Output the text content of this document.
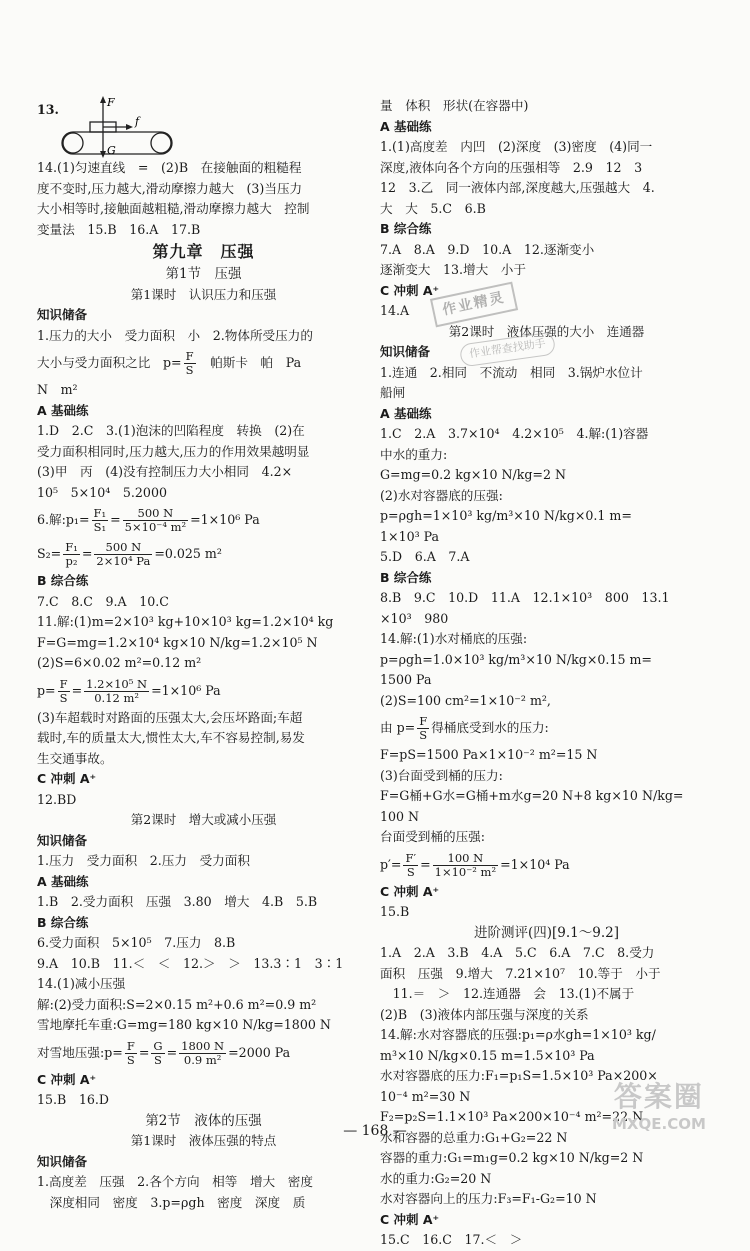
13.	F
f
G
14.(1)匀速直线　=　(2)B　在接触面的粗糙程
度不变时,压力越大,滑动摩擦力越大　(3)当压力
大小相等时,接触面越粗糙,滑动摩擦力越大　控制
变量法　15.B　16.A　17.B
第九章　压强
第1节　压强
第1课时　认识压力和压强
知识储备
1.压力的大小　受力面积　小　2.物体所受压力的
大小与受力面积之比　 $p= \frac{F}{S}$ 　帕斯卡　帕　Pa
N　m²
A 基础练
1.D　2.C　3.(1)泡沫的凹陷程度　转换　(2)在
受力面积相同时,压力越大,压力的作用效果越明显
(3)甲　丙　(4)没有控制压力大小相同　4.2×
10⁵　5×10⁴　5.2000
6.解:p₁= $\frac{\text{F₁}}{\text{S₁}} = \frac{500 N}{\text{5×10⁻⁴ m²}} =1\times 10^6$ Pa
$S_2= \frac{\text{F₁}}{\text{p₂}} = \frac{500 N}{\text{2×10⁴ Pa}} =0.025$ m²
B 综合练
7.C　8.C　9.A　10.C
11.解:(1)m=2×10³ kg+10×10³ kg=1.2×10⁴ kg
F=G=mg=1.2×10⁴ kg×10 N/kg=1.2×10⁵ N
(2)S=6×0.02 m²=0.12 m²
$p= \frac{F}{S} = \frac{\text{1.2×10⁵ N}}{\text{0.12 m²}} =1\times 10^6$ Pa
(3)车超载时对路面的压强太大,会压坏路面;车超
载时,车的质量太大,惯性太大,车不容易控制,易发
生交通事故。
C 冲刺 A⁺
12.BD
第2课时　增大或减小压强
知识储备
1.压力　受力面积　2.压力　受力面积
A 基础练
1.B　2.受力面积　压强　3.80　增大　4.B　5.B
B 综合练
6.受力面积　5×10⁵　7.压力　8.B
9.A　10.B　11.＜　＜　12.＞　＞　13.3∶1　3∶1
14.(1)减小压强
解:(2)受力面积:S=2×0.15 m²+0.6 m²=0.9 m²
雪地摩托车重:G=mg=180 kg×10 N/kg=1800 N
对雪地压强:p= $\frac{F}{S} = \frac{G}{S} = \frac{1800 N}{\text{0.9 m²}} =2000$ Pa
C 冲刺 A⁺
15.B　16.D
第2节　液体的压强
第1课时　液体压强的特点
知识储备
1.高度差　压强　2.各个方向　相等　增大　密度
　深度相同　密度　3.p=ρgh　密度　深度　质
量　体积　形状(在容器中)
A 基础练
1.(1)高度差　内凹　(2)深度　(3)密度　(4)同一
深度,液体向各个方向的压强相等　2.9　12　3
12　3.乙　同一液体内部,深度越大,压强越大　4.
大　大　5.C　6.B
B 综合练
7.A　8.A　9.D　10.A　12.逐渐变小
逐渐变大　13.增大　小于
C 冲刺 A⁺
14.A
第2课时　液体压强的大小　连通器
知识储备
1.连通　2.相同　不流动　相同　3.锅炉水位计
船闸
A 基础练
1.C　2.A　3.7×10⁴　4.2×10⁵　4.解:(1)容器
中水的重力:
G=mg=0.2 kg×10 N/kg=2 N
(2)水对容器底的压强:
p=ρgh=1×10³ kg/m³×10 N/kg×0.1 m=
1×10³ Pa
5.D　6.A　7.A
B 综合练
8.B　9.C　10.D　11.A　12.1×10³　800　13.1
×10³　980
14.解:(1)水对桶底的压强:
p=ρgh=1.0×10³ kg/m³×10 N/kg×0.15 m=
1500 Pa
(2)S=100 cm²=1×10⁻² m²,
由 $p= \frac{F}{S}$ 得桶底受到水的压力:
F=pS=1500 Pa×1×10⁻² m²=15 N
(3)台面受到桶的压力:
F=G桶+G水=G桶+m水g=20 N+8 kg×10 N/kg=
100 N
台面受到桶的压强:
$p'= \frac{F'}{S} = \frac{100 N}{\text{1×10⁻² m²}} =1\times 10^4$ Pa
C 冲刺 A⁺
15.B
进阶测评(四)[9.1～9.2]
1.A　2.A　3.B　4.A　5.C　6.A　7.C　8.受力
面积　压强　9.增大　7.21×10⁷　10.等于　小于
　11.＝　＞　12.连通器　会　13.(1)不属于
(2)B　(3)液体内部压强与深度的关系
14.解:水对容器底的压强:p₁=ρ水gh=1×10³ kg/
m³×10 N/kg×0.15 m=1.5×10³ Pa
水对容器底的压力:F₁=p₁S=1.5×10³ Pa×200×
10⁻⁴ m²=30 N
F₂=p₂S=1.1×10³ Pa×200×10⁻⁴ m²=22 N
水和容器的总重力:G₁+G₂=22 N
容器的重力:G₁=m₁g=0.2 kg×10 N/kg=2 N
水的重力:G₂=20 N
水对容器向上的压力:F₃=F₁-G₂=10 N
C 冲刺 A⁺
15.C　16.C　17.＜　＞
作业精灵
作业帮查找助手
— 168 —
答案圈
MXQE.COM
